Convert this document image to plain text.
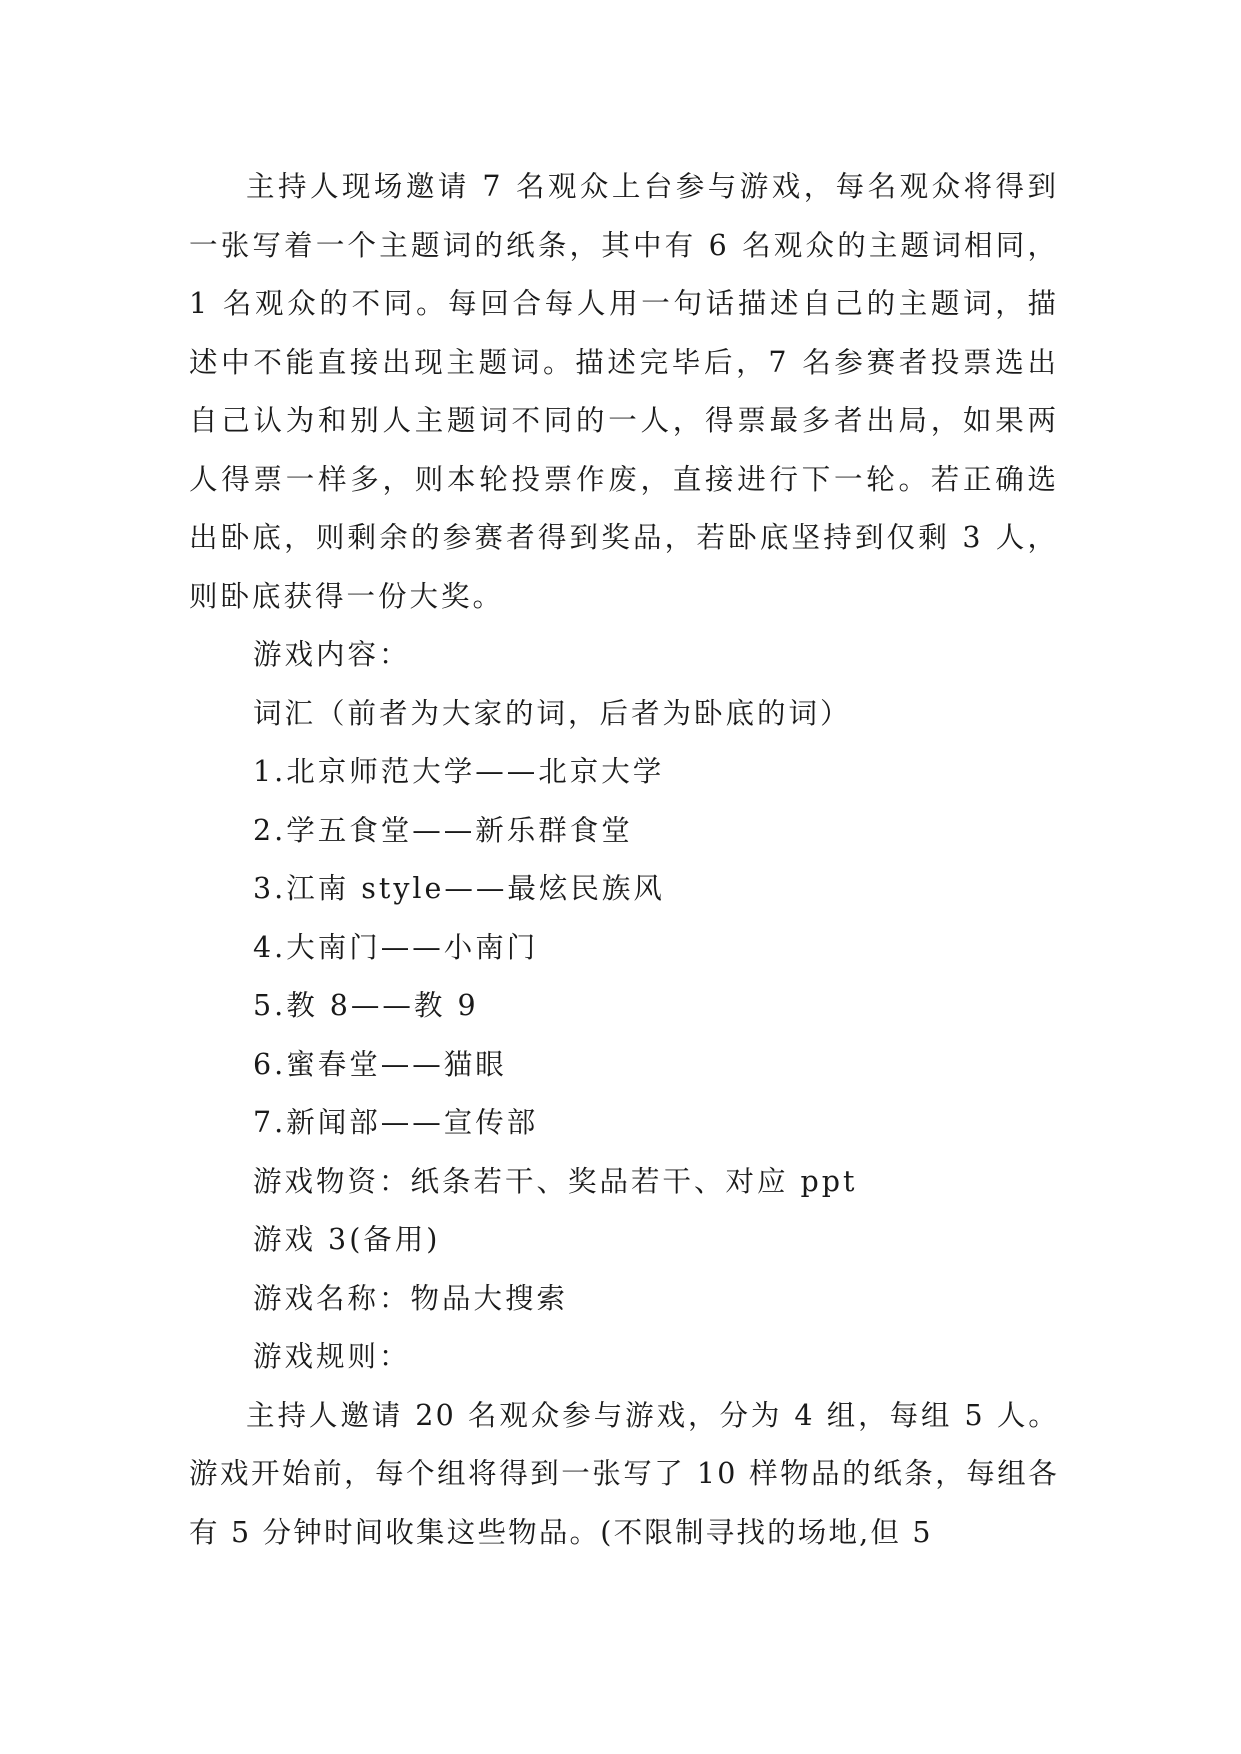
主持人现场邀请 7 名观众上台参与游戏，每名观众将得到一张写着一个主题词的纸条，其中有 6 名观众的主题词相同，1 名观众的不同。每回合每人用一句话描述自己的主题词，描述中不能直接出现主题词。描述完毕后，7 名参赛者投票选出自己认为和别人主题词不同的一人，得票最多者出局，如果两人得票一样多，则本轮投票作废，直接进行下一轮。若正确选出卧底，则剩余的参赛者得到奖品，若卧底坚持到仅剩 3 人，则卧底获得一份大奖。

游戏内容：

词汇（前者为大家的词，后者为卧底的词）

1.北京师范大学——北京大学

2.学五食堂——新乐群食堂

3.江南 style——最炫民族风

4.大南门——小南门

5.教 8——教 9

6.蜜春堂——猫眼

7.新闻部——宣传部

游戏物资：纸条若干、奖品若干、对应 ppt

游戏 3(备用)

游戏名称：物品大搜索

游戏规则：

主持人邀请 20 名观众参与游戏，分为 4 组，每组 5 人。游戏开始前，每个组将得到一张写了 10 样物品的纸条，每组各有 5 分钟时间收集这些物品。(不限制寻找的场地,但 5
